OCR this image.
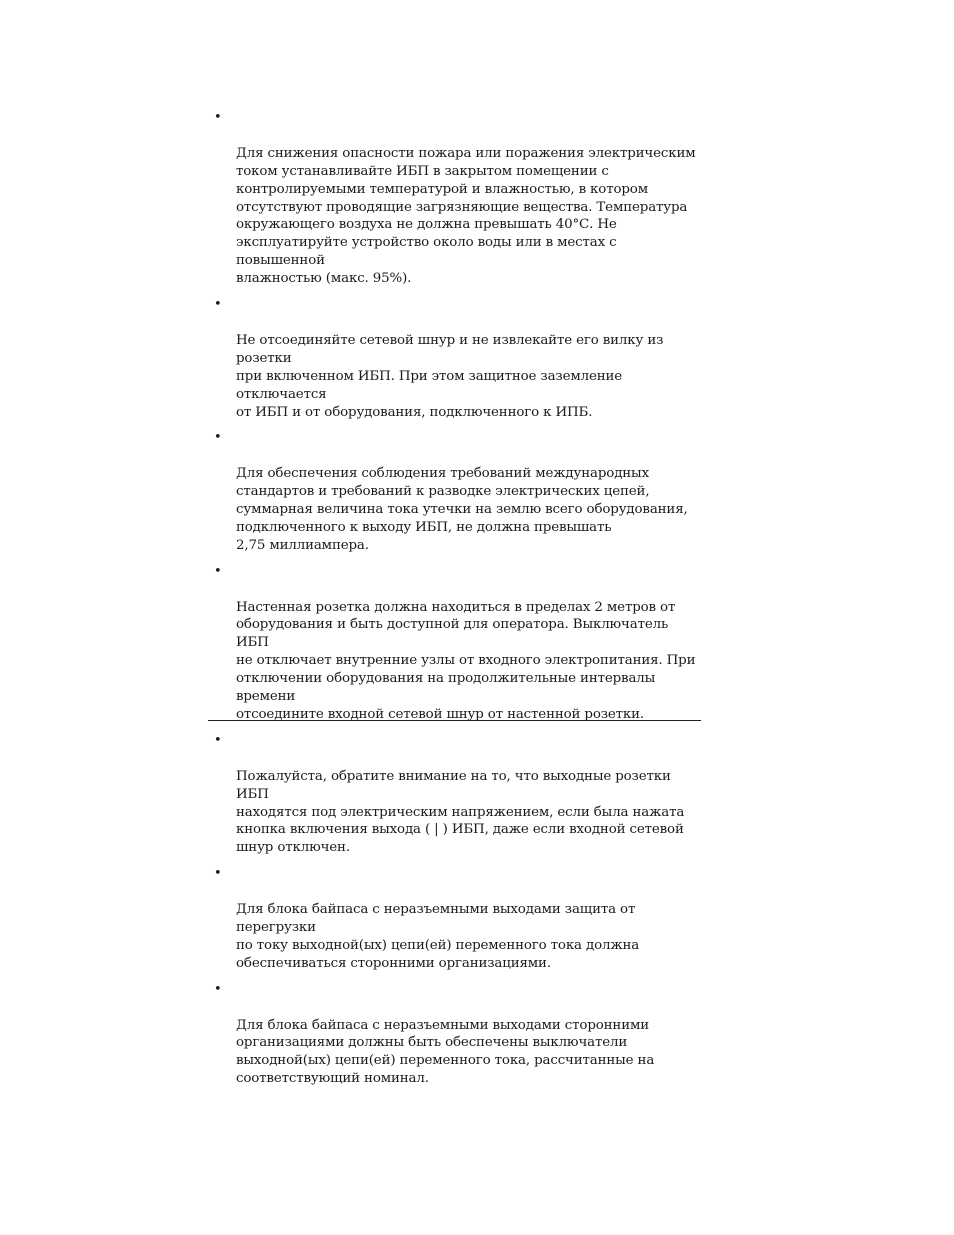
•

Для снижения опасности пожара или поражения электрическим
током устанавливайте ИБП в закрытом помещении с
контролируемыми температурой и влажностью, в котором
отсутствуют проводящие загрязняющие вещества. Температура
окружающего воздуха не должна превышать 40°С. Не
эксплуатируйте устройство около воды или в местах с повышенной
влажностью (макс. 95%).

•

Не отсоединяйте сетевой шнур и не извлекайте его вилку из розетки
при включенном ИБП. При этом защитное заземление отключается
от ИБП и от оборудования, подключенного к ИПБ.

•

Для обеспечения соблюдения требований международных
стандартов и требований к разводке электрических цепей,
суммарная величина тока утечки на землю всего оборудования,
подключенного к выходу ИБП, не должна превышать
2,75 миллиампера.

•

Настенная розетка должна находиться в пределах 2 метров от
оборудования и быть доступной для оператора. Выключатель ИБП
не отключает внутренние узлы от входного электропитания. При
отключении оборудования на продолжительные интервалы времени
отсоедините входной сетевой шнур от настенной розетки.

•

Пожалуйста, обратите внимание на то, что выходные розетки ИБП
находятся под электрическим напряжением, если была нажата
кнопка включения выхода ( | ) ИБП, даже если входной сетевой
шнур отключен.

•

Для блока байпаса с неразъемными выходами защита от перегрузки
по току выходной(ых) цепи(ей) переменного тока должна
обеспечиваться сторонними организациями.

•

Для блока байпаса с неразъемными выходами сторонними
организациями должны быть обеспечены выключатели
выходной(ых) цепи(ей) переменного тока, рассчитанные на
соответствующий номинал.
